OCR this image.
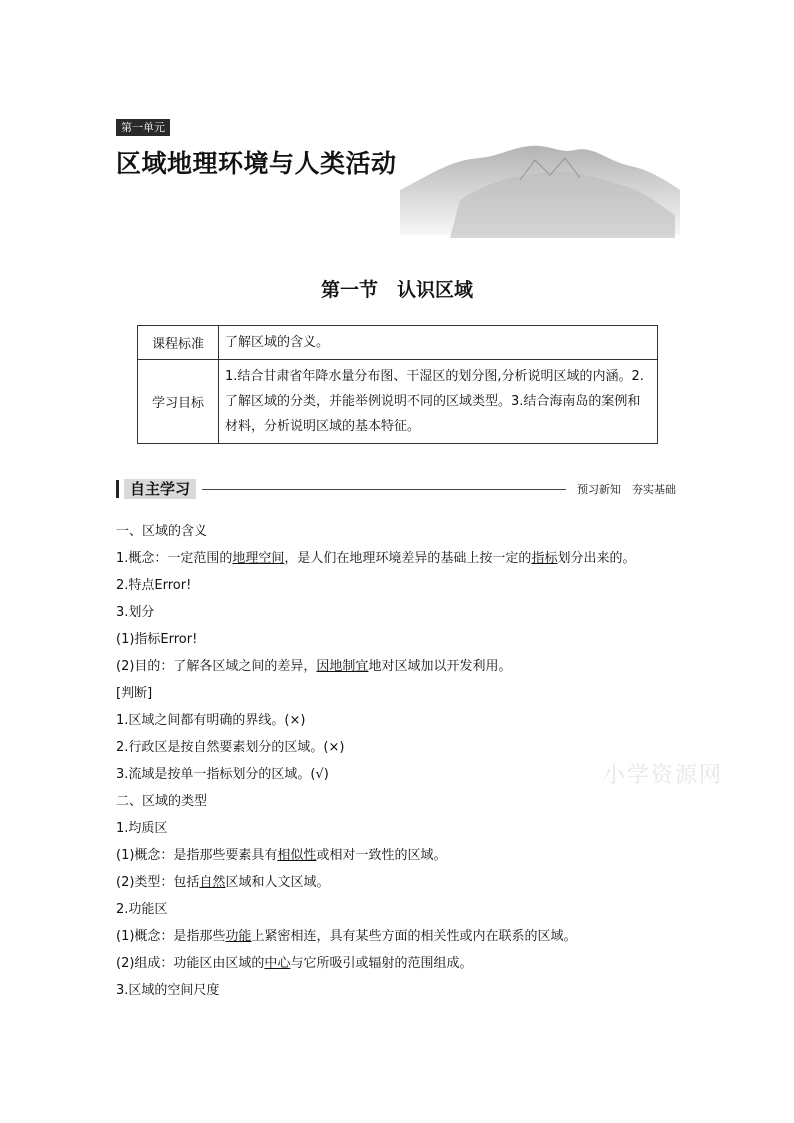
第一单元
区域地理环境与人类活动
第一节　认识区域
课程标准	了解区域的含义。
学习目标	1.结合甘肃省年降水量分布图、干湿区的划分图,分析说明区域的内涵。2.了解区域的分类，并能举例说明不同的区域类型。3.结合海南岛的案例和材料，分析说明区域的基本特征。
自主学习	预习新知　夯实基础
小学资源网

一、区域的含义

1.概念：一定范围的地理空间，是人们在地理环境差异的基础上按一定的指标划分出来的。

2.特点Error!

3.划分

(1)指标Error!

(2)目的：了解各区域之间的差异，因地制宜地对区域加以开发利用。

[判断]

1.区域之间都有明确的界线。(×)

2.行政区是按自然要素划分的区域。(×)

3.流域是按单一指标划分的区域。(√)

二、区域的类型

1.均质区

(1)概念：是指那些要素具有相似性或相对一致性的区域。

(2)类型：包括自然区域和人文区域。

2.功能区

(1)概念：是指那些功能上紧密相连，具有某些方面的相关性或内在联系的区域。

(2)组成：功能区由区域的中心与它所吸引或辐射的范围组成。

3.区域的空间尺度
